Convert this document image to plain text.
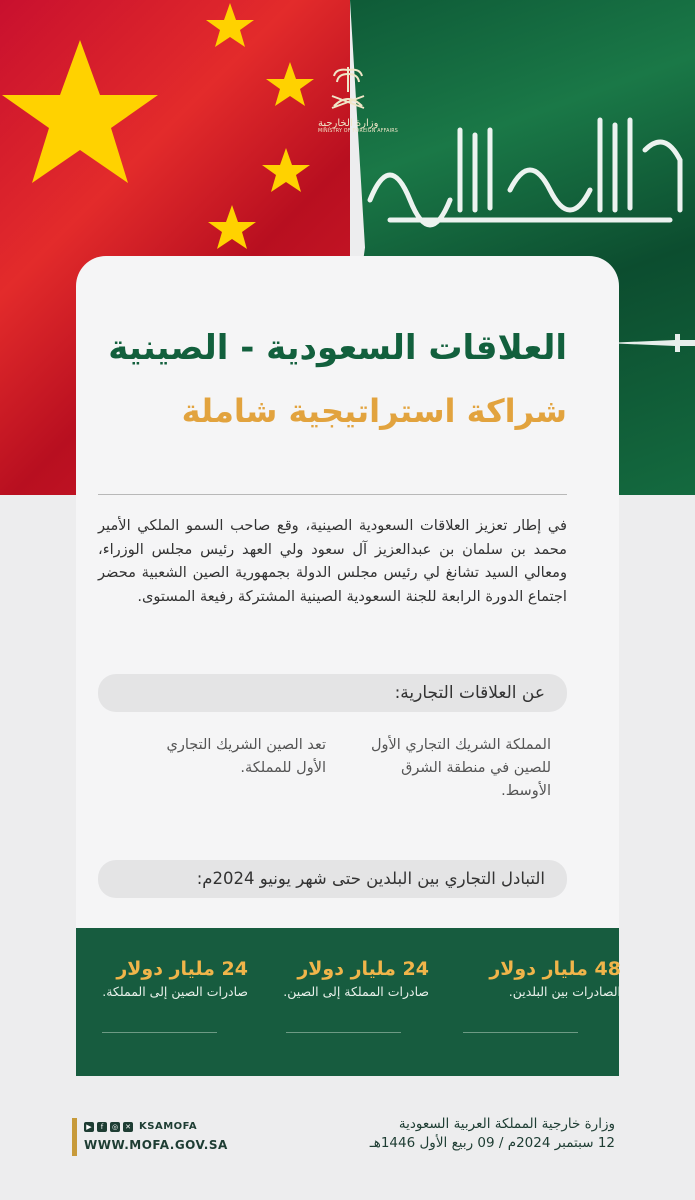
وزارة الخارجية
MINISTRY OF FOREIGN AFFAIRS
العلاقات السعودية - الصينية
شراكة استراتيجية شاملة
في إطار تعزيز العلاقات السعودية الصينية، وقع صاحب السمو الملكي الأمير محمد بن سلمان بن عبدالعزيز آل سعود ولي العهد رئيس مجلس الوزراء، ومعالي السيد تشانغ لي رئيس مجلس الدولة بجمهورية الصين الشعبية محضر اجتماع الدورة الرابعة للجنة السعودية الصينية المشتركة رفيعة المستوى.
عن العلاقات التجارية:
المملكة الشريك التجاري الأول للصين في منطقة الشرق الأوسط.
تعد الصين الشريك التجاري الأول للمملكة.
التبادل التجاري بين البلدين حتى شهر يونيو 2024م:
48 مليار دولار
الصادرات بين البلدين.
24 مليار دولار
صادرات المملكة إلى الصين.
24 مليار دولار
صادرات الصين إلى المملكة.
▶	f	◎ ✕ KSAMOFA
WWW.MOFA.GOV.SA
وزارة خارجية المملكة العربية السعودية
12 سبتمبر 2024م / 09 ربيع الأول 1446هـ
